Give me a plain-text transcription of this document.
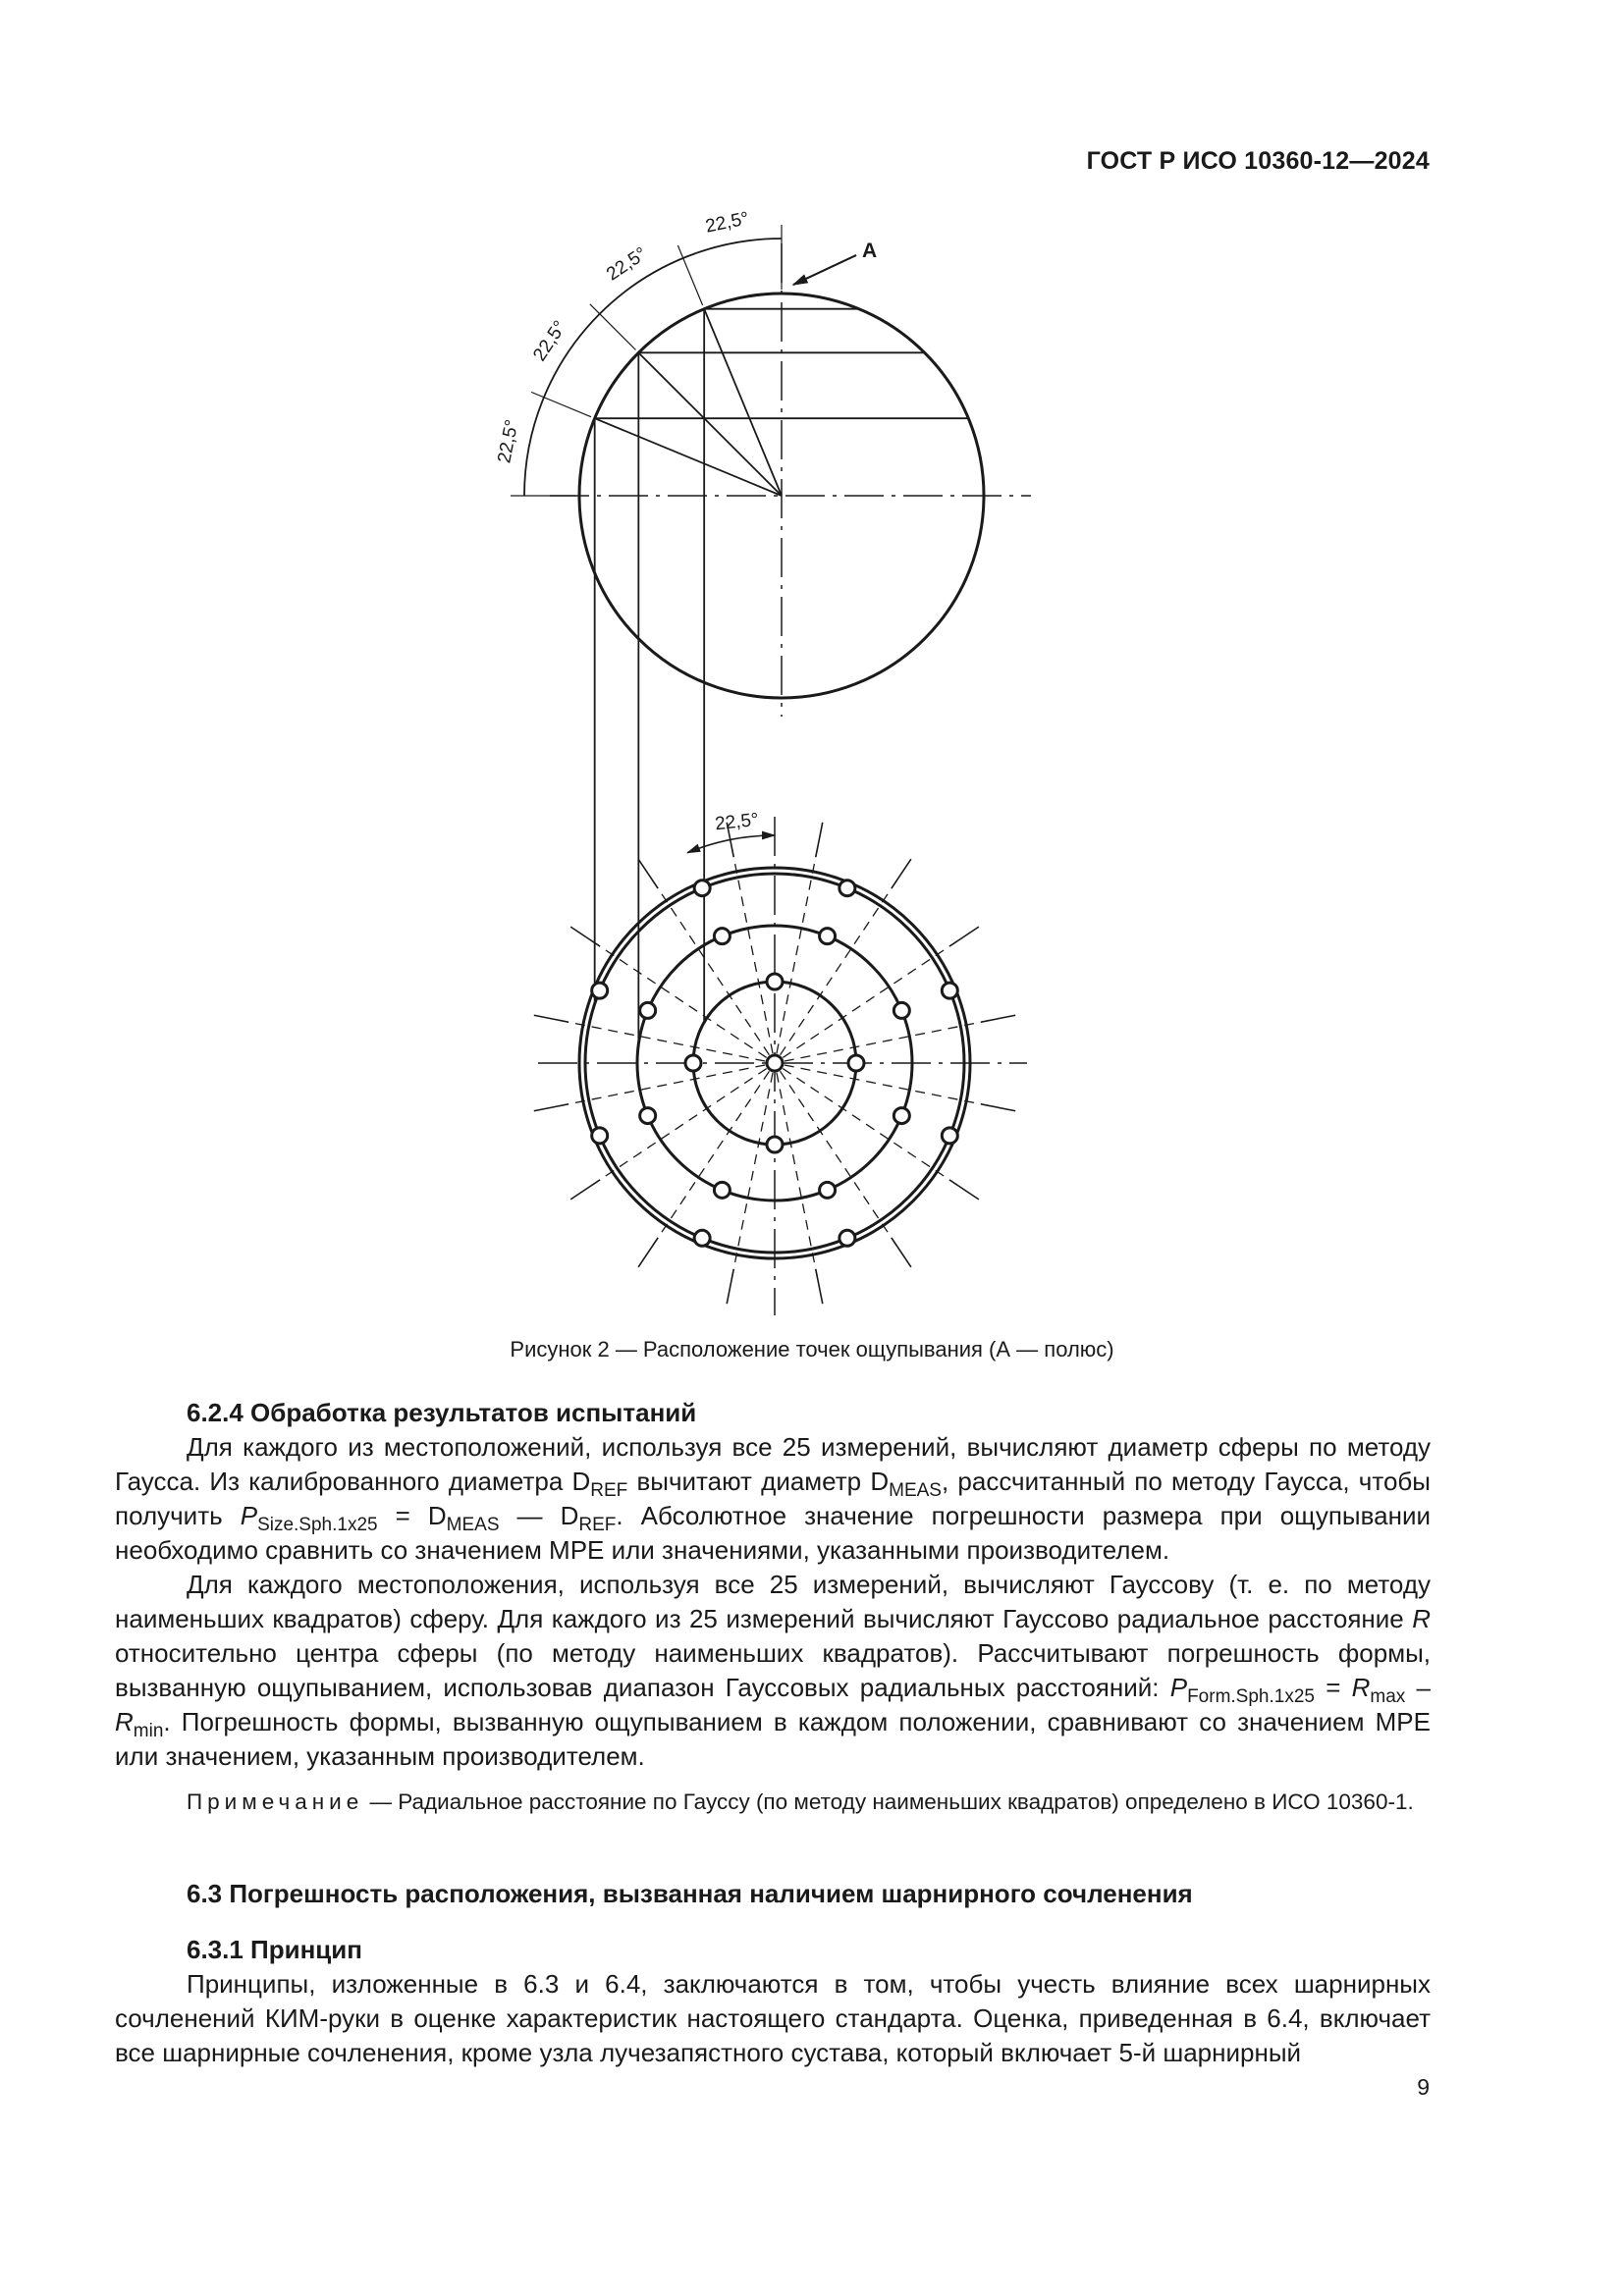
ГОСТ Р ИСО 10360-12—2024
22,5°
22,5°
22,5°
22,5°
А
22,5°
Рисунок 2 — Расположение точек ощупывания (А — полюс)

6.2.4 Обработка результатов испытаний

Для каждого из местоположений, используя все 25 измерений, вычисляют диаметр сферы по методу Гаусса. Из калиброванного диаметра $D_{REF}$ вычитают диаметр $D_{MEAS}$, рассчитанный по методу Гаусса, чтобы получить $P_{Size.Sph.1x25} = D_{MEAS}$ — $D_{REF}$. Абсолютное значение погрешности размера при ощупывании необходимо сравнить со значением MPE или значениями, указанными производителем.

Для каждого местоположения, используя все 25 измерений, вычисляют Гауссову (т. е. по методу наименьших квадратов) сферу. Для каждого из 25 измерений вычисляют Гауссово радиальное расстояние R относительно центра сферы (по методу наименьших квадратов). Рассчитывают погрешность формы, вызванную ощупыванием, использовав диапазон Гауссовых радиальных расстояний: $P_{Form.Sph.1x25} = R_{max} - R_{min}$. Погрешность формы, вызванную ощупыванием в каждом положении, сравнивают со значением MPE или значением, указанным производителем.

Примечание — Радиальное расстояние по Гауссу (по методу наименьших квадратов) определено в ИСО 10360-1.

6.3 Погрешность расположения, вызванная наличием шарнирного сочленения

6.3.1 Принцип

Принципы, изложенные в 6.3 и 6.4, заключаются в том, чтобы учесть влияние всех шарнирных сочленений КИМ-руки в оценке характеристик настоящего стандарта. Оценка, приведенная в 6.4, включает все шарнирные сочленения, кроме узла лучезапястного сустава, который включает 5-й шарнирный

9
